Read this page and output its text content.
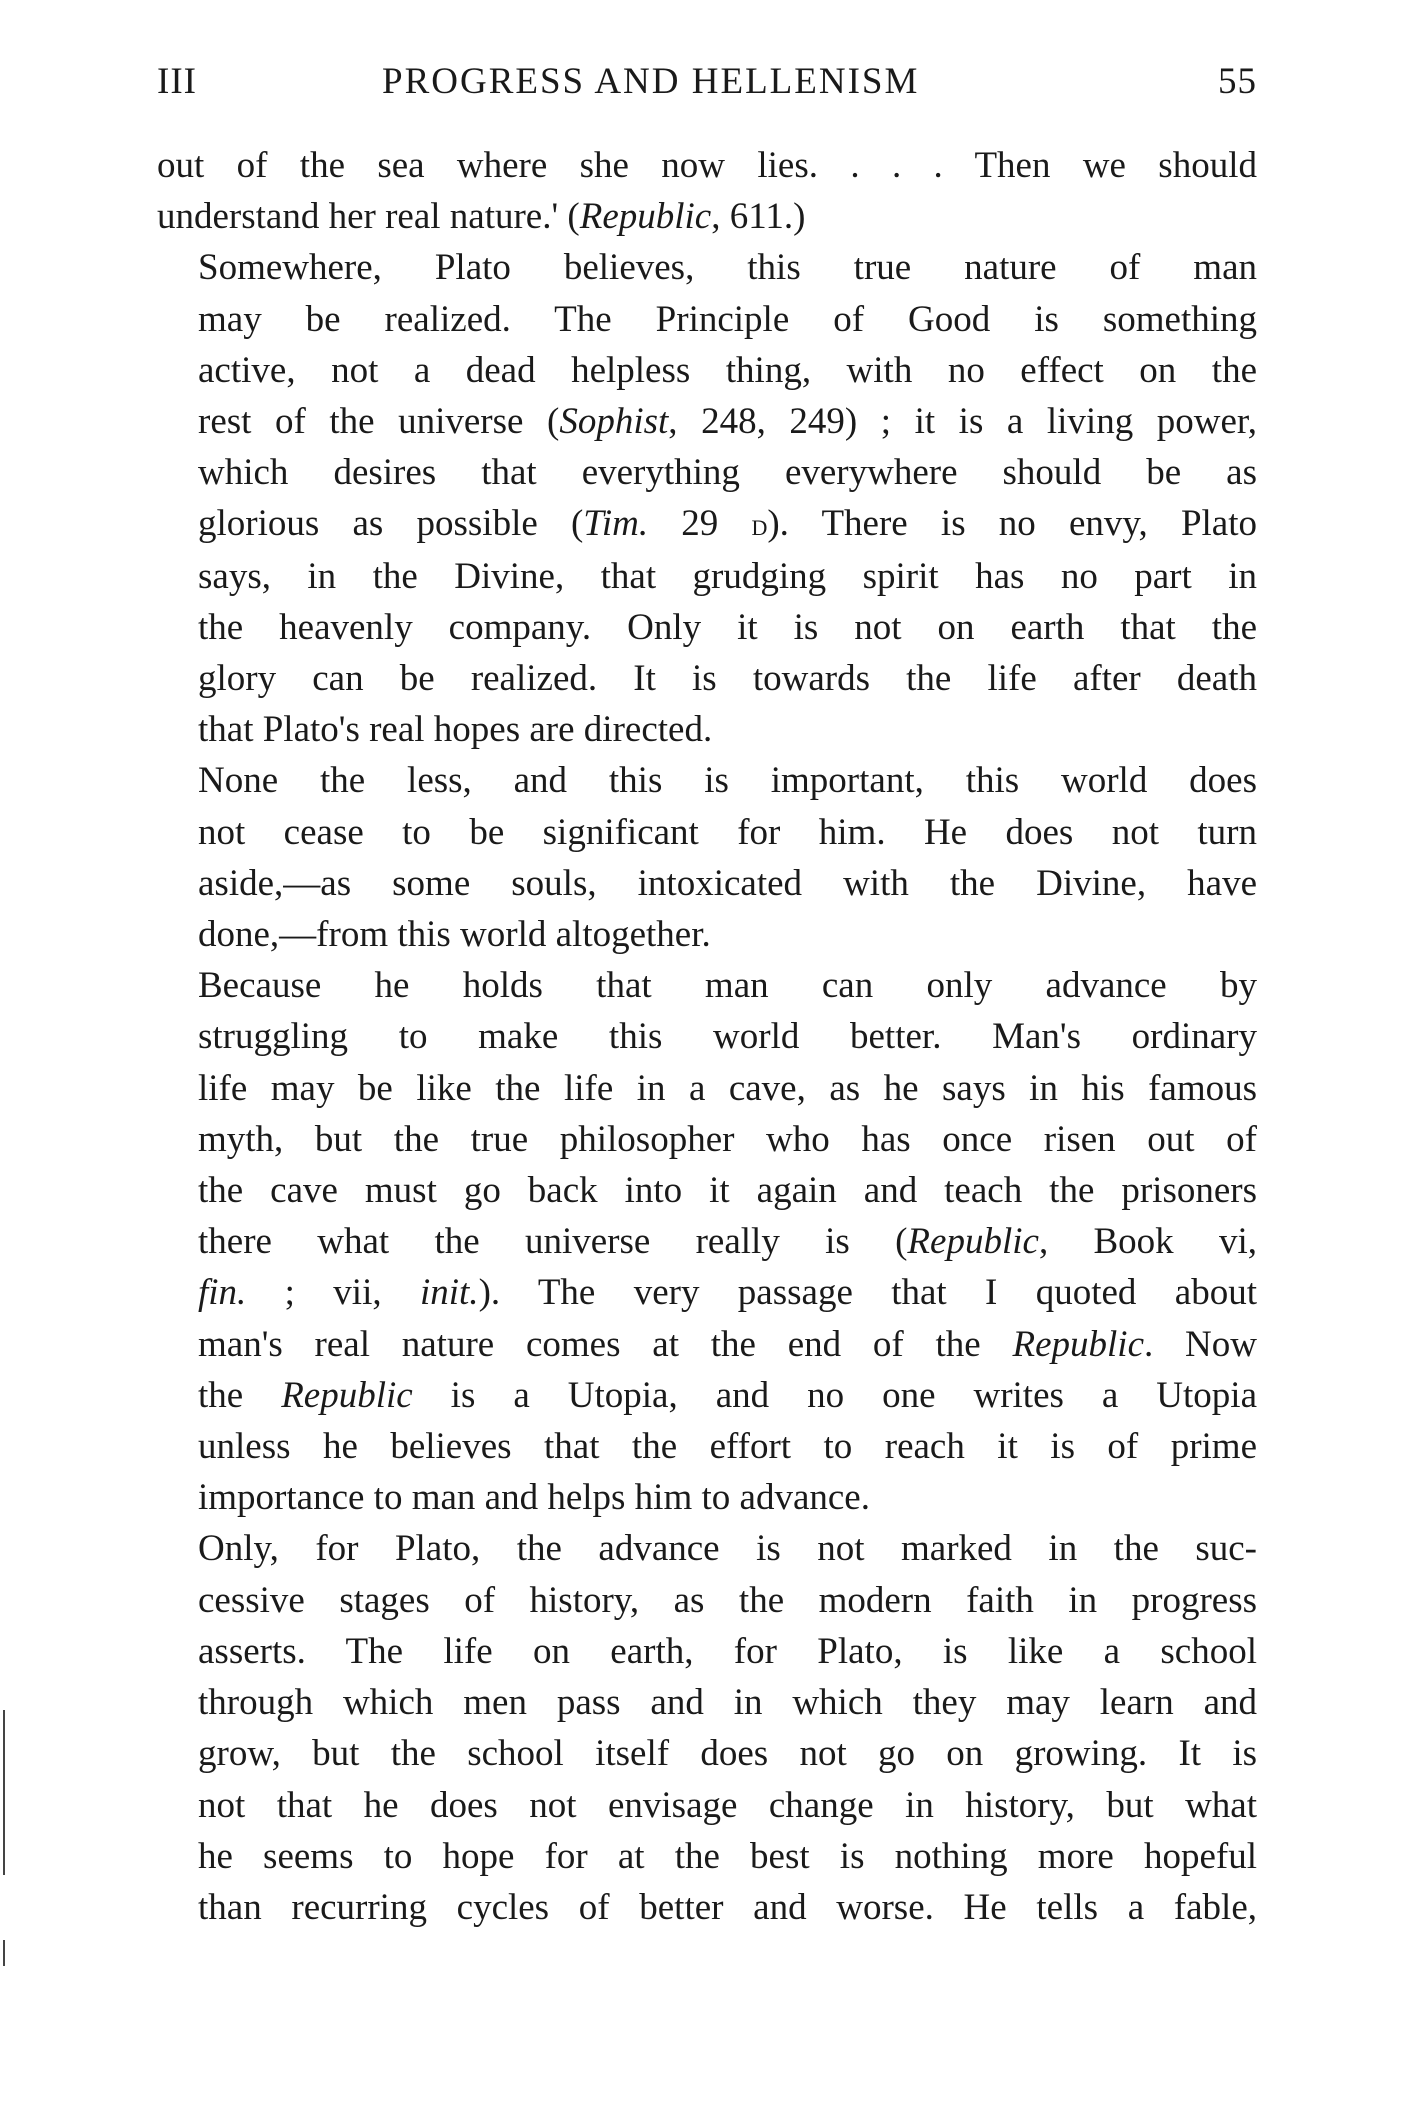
III	PROGRESS AND HELLENISM	55

out of the sea where she now lies. . . . Then we should
understand her real nature.' (Republic, 611.)

Somewhere, Plato believes, this true nature of man
may be realized. The Principle of Good is something
active, not a dead helpless thing, with no effect on the
rest of the universe (Sophist, 248, 249) ; it is a living power,
which desires that everything everywhere should be as
glorious as possible (Tim. 29 d). There is no envy, Plato
says, in the Divine, that grudging spirit has no part in
the heavenly company. Only it is not on earth that the
glory can be realized. It is towards the life after death
that Plato's real hopes are directed.

None the less, and this is important, this world does
not cease to be significant for him. He does not turn
aside,—as some souls, intoxicated with the Divine, have
done,—from this world altogether.

Because he holds that man can only advance by
struggling to make this world better. Man's ordinary
life may be like the life in a cave, as he says in his famous
myth, but the true philosopher who has once risen out of
the cave must go back into it again and teach the prisoners
there what the universe really is (Republic, Book vi,
fin. ; vii, init.). The very passage that I quoted about
man's real nature comes at the end of the Republic. Now
the Republic is a Utopia, and no one writes a Utopia
unless he believes that the effort to reach it is of prime
importance to man and helps him to advance.

Only, for Plato, the advance is not marked in the suc-
cessive stages of history, as the modern faith in progress
asserts. The life on earth, for Plato, is like a school
through which men pass and in which they may learn and
grow, but the school itself does not go on growing. It is
not that he does not envisage change in history, but what
he seems to hope for at the best is nothing more hopeful
than recurring cycles of better and worse. He tells a fable,
